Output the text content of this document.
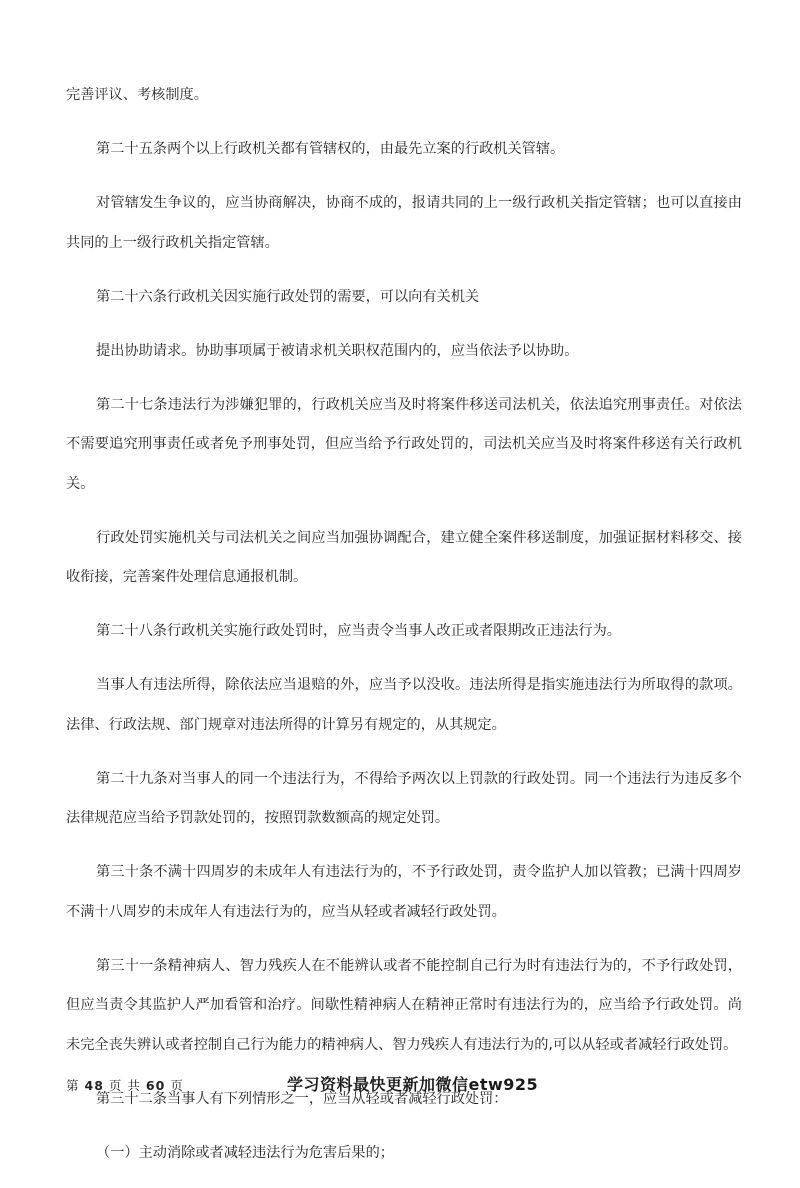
完善评议、考核制度。

第二十五条两个以上行政机关都有管辖权的，由最先立案的行政机关管辖。

对管辖发生争议的，应当协商解决，协商不成的，报请共同的上一级行政机关指定管辖；也可以直接由共同的上一级行政机关指定管辖。

第二十六条行政机关因实施行政处罚的需要，可以向有关机关

提出协助请求。协助事项属于被请求机关职权范围内的，应当依法予以协助。

第二十七条违法行为涉嫌犯罪的，行政机关应当及时将案件移送司法机关，依法追究刑事责任。对依法不需要追究刑事责任或者免予刑事处罚，但应当给予行政处罚的，司法机关应当及时将案件移送有关行政机关。

行政处罚实施机关与司法机关之间应当加强协调配合，建立健全案件移送制度，加强证据材料移交、接收衔接，完善案件处理信息通报机制。

第二十八条行政机关实施行政处罚时，应当责令当事人改正或者限期改正违法行为。

当事人有违法所得，除依法应当退赔的外，应当予以没收。违法所得是指实施违法行为所取得的款项。法律、行政法规、部门规章对违法所得的计算另有规定的，从其规定。

第二十九条对当事人的同一个违法行为，不得给予两次以上罚款的行政处罚。同一个违法行为违反多个法律规范应当给予罚款处罚的，按照罚款数额高的规定处罚。

第三十条不满十四周岁的未成年人有违法行为的，不予行政处罚，责令监护人加以管教；已满十四周岁不满十八周岁的未成年人有违法行为的，应当从轻或者减轻行政处罚。

第三十一条精神病人、智力残疾人在不能辨认或者不能控制自己行为时有违法行为的，不予行政处罚，但应当责令其监护人严加看管和治疗。间歇性精神病人在精神正常时有违法行为的，应当给予行政处罚。尚未完全丧失辨认或者控制自己行为能力的精神病人、智力残疾人有违法行为的,可以从轻或者减轻行政处罚。

第三十二条当事人有下列情形之一，应当从轻或者减轻行政处罚：

（一）主动消除或者减轻违法行为危害后果的；

第 48 页 共 60 页	学习资料最快更新加微信etw925
